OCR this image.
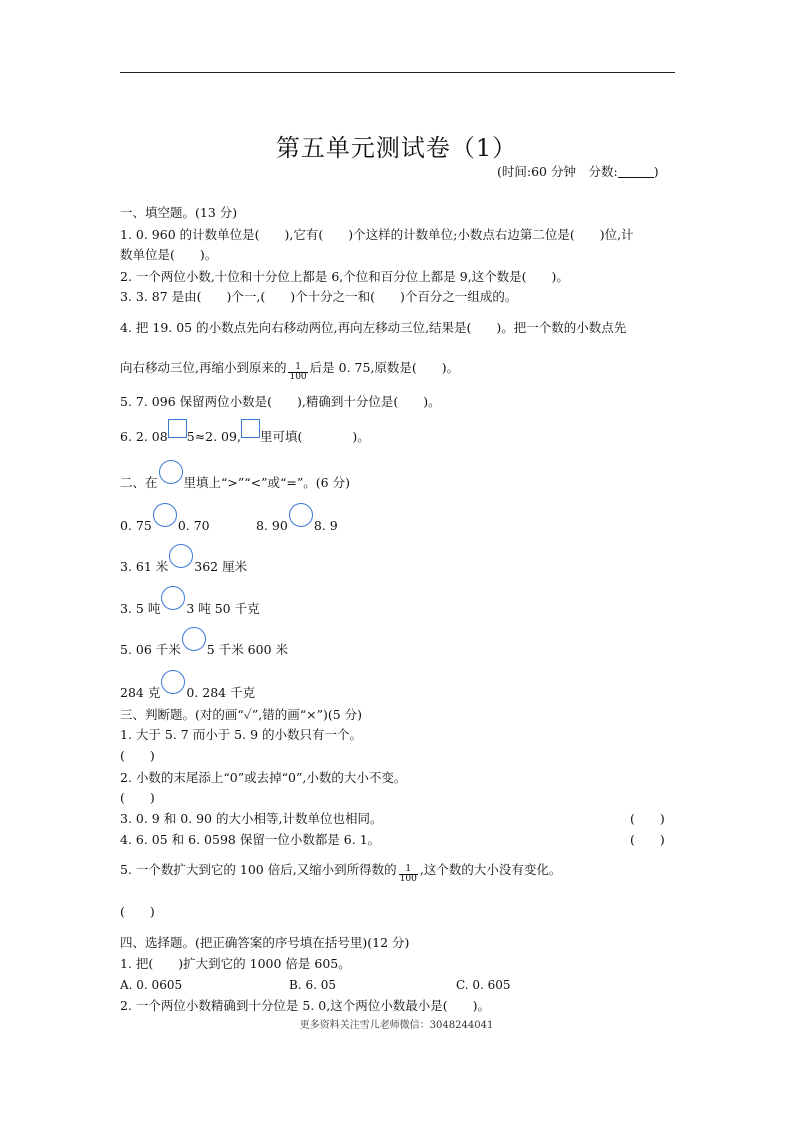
第五单元测试卷（1）
(时间:60 分钟　分数:	)
一、填空题。(13 分)
1. 0. 960 的计数单位是(　　),它有(　　)个这样的计数单位;小数点右边第二位是(　　)位,计
数单位是(　　)。
2. 一个两位小数,十位和十分位上都是 6,个位和百分位上都是 9,这个数是(　　)。
3. 3. 87 是由(　　)个一,(　　)个十分之一和(　　)个百分之一组成的。
4. 把 19. 05 的小数点先向右移动两位,再向左移动三位,结果是(　　)。把一个数的小数点先
向右移动三位,再缩小到原来的 $\frac{1}{100}$ 后是 0. 75,原数是(　　)。
5. 7. 096 保留两位小数是(　　),精确到十分位是(　　)。
6. 2. 08 5≈2. 09, 里可填(　　　　)。
二、在 里填上“>”“<”或“=”。(6 分)
0. 75 0. 70	8. 90 8. 9
3. 61 米 362 厘米
3. 5 吨 3 吨 50 千克
5. 06 千米 5 千米 600 米
284 克 0. 284 千克
三、判断题。(对的画“✓”,错的画“×”)(5 分)
1. 大于 5. 7 而小于 5. 9 的小数只有一个。
(　　)
2. 小数的末尾添上“0”或去掉“0”,小数的大小不变。
(　　)
3. 0. 9 和 0. 90 的大小相等,计数单位也相同。	(　　)
4. 6. 05 和 6. 0598 保留一位小数都是 6. 1。	(　　)
5. 一个数扩大到它的 100 倍后,又缩小到所得数的 $\frac{1}{100}$ ,这个数的大小没有变化。
(　　)
四、选择题。(把正确答案的序号填在括号里)(12 分)
1. 把(　　)扩大到它的 1000 倍是 605。
A. 0. 0605	B. 6. 05	C. 0. 605
2. 一个两位小数精确到十分位是 5. 0,这个两位小数最小是(　　)。
更多资料关注雪儿老师微信：3048244041
